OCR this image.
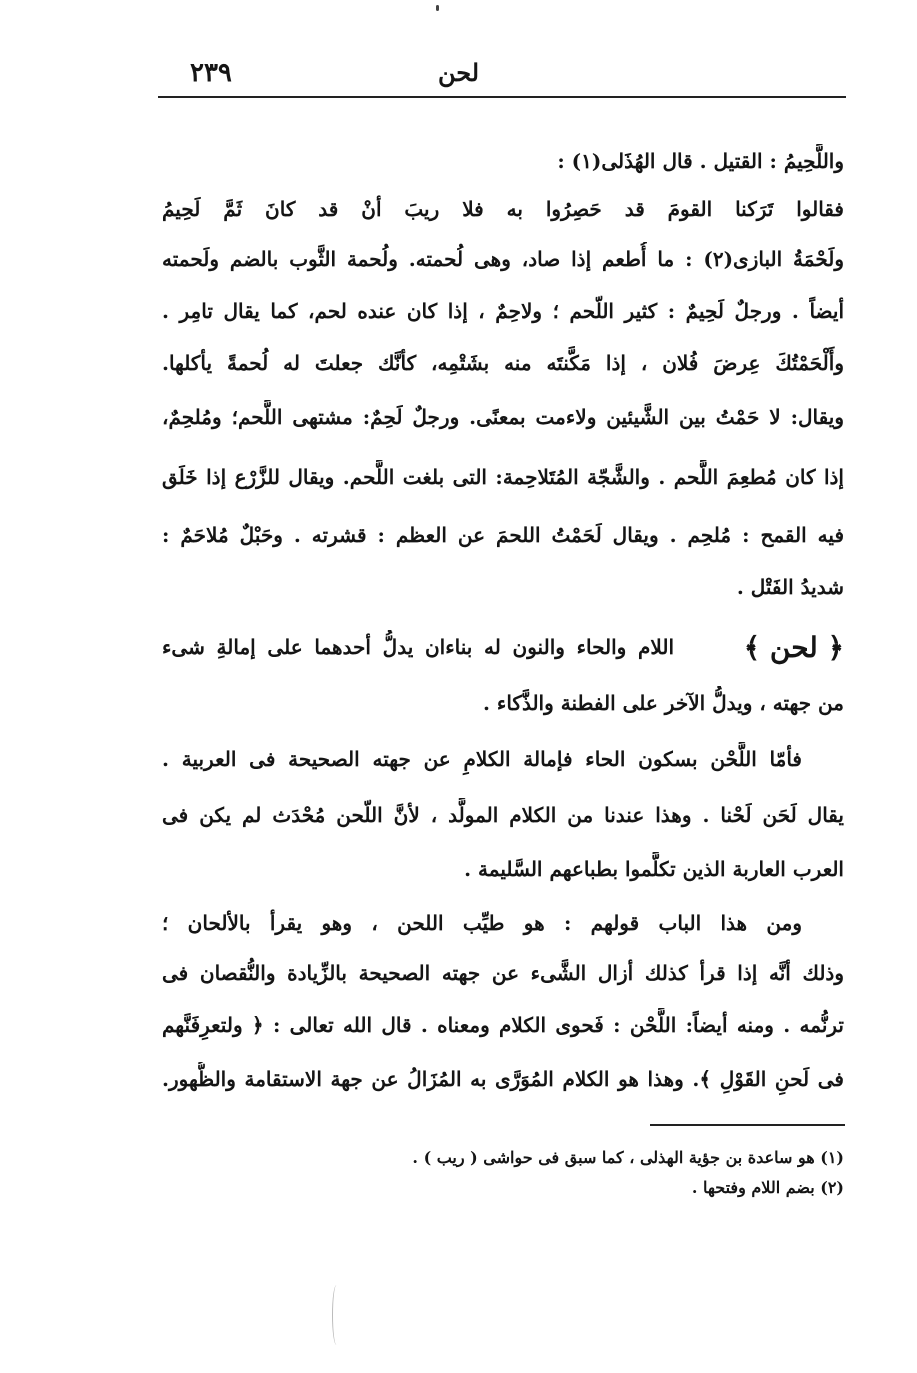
٢٣٩	لحن
واللَّحِيمُ : القتيل . قال الهُذَلى(١) :
فقالوا تَرَكنا القومَ قد حَصِرُوا به فلا ريبَ أنْ قد كانَ ثَمَّ لَحِيمُ
ولَحْمَةُ البازى(٢) : ما أُطعم إذا صاد، وهى لُحمته. ولُحمة الثَّوب بالضم ولَحمته
أيضاً . ورجلٌ لَحِيمٌ : كثير اللّحم ؛ ولاحِمٌ ، إذا كان عنده لحم، كما يقال تامِر .
وأَلْحَمْتُكَ عِرضَ فُلان ، إذا مَكَّنتَه منه بشَتْمِه، كأنَّك جعلتَ له لُحمةً يأكلها.
ويقال: لا حَمْتُ بين الشَّيئين ولاءمت بمعنًى. ورجلٌ لَحِمٌ: مشتهى اللَّحم؛ ومُلحِمٌ،
إذا كان مُطعِمَ اللَّحم . والشَّجّة المُتَلاحِمة: التى بلغت اللَّحم. ويقال للزَّرْع إذا خَلَق
فيه القمح : مُلحِم . ويقال لَحَمْتُ اللحمَ عن العظم : قشرته . وحَبْلٌ مُلاحَمٌ :
شديدُ الفَتْل .
﴿ لحن ﴾
اللام والحاء والنون له بناءان يدلُّ أحدهما على إمالةِ شىء
من جهته ، ويدلُّ الآخر على الفطنة والذَّكاء .
فأمّا اللَّحْن بسكون الحاء فإمالة الكلامِ عن جهته الصحيحة فى العربية .
يقال لَحَن لَحْنا . وهذا عندنا من الكلام المولَّد ، لأنَّ اللّحن مُحْدَث لم يكن فى
العرب العاربة الذين تكلَّموا بطباعهم السَّليمة .
ومن هذا الباب قولهم : هو طيِّب اللحن ، وهو يقرأ بالألحان ؛
وذلك أنَّه إذا قرأ كذلك أزال الشَّىء عن جهته الصحيحة بالزِّيادة والنُّقصان فى
ترنُّمه . ومنه أيضاً: اللَّحْن : فَحوى الكلام ومعناه . قال الله تعالى : ﴿ ولتعرِفَنَّهم
فى لَحنِ القَوْلِ ﴾. وهذا هو الكلام المُوَرَّى به المُزَالُ عن جهة الاستقامة والظُّهور.
(١) هو ساعدة بن جؤية الهذلى ، كما سبق فى حواشى ( ريب ) .
(٢) بضم اللام وفتحها .
